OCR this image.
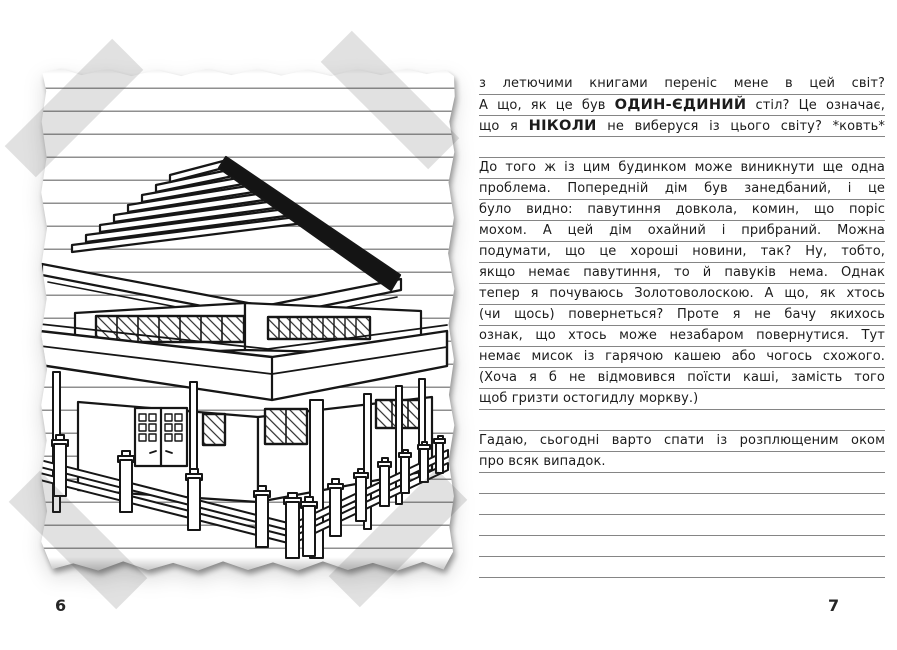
6
з летючими книгами переніс мене в цей світ?
А що, як це був ОДИН-ЄДИНИЙ стіл? Це означає,
що я НІКОЛИ не виберуся із цього світу? *ковть*
До того ж із цим будинком може виникнути ще одна
проблема. Попередній дім був занедбаний, і це
було видно: павутиння довкола, комин, що поріс
мохом. А цей дім охайний і прибраний. Можна
подумати, що це хороші новини, так? Ну, тобто,
якщо немає павутиння, то й павуків нема. Однак
тепер я почуваюсь Золотоволоскою. А що, як хтось
(чи щось) повернеться? Проте я не бачу якихось
ознак, що хтось може незабаром повернутися. Тут
немає мисок із гарячою кашею або чогось схожого.
(Хоча я б не відмовився поїсти каші, замість того
щоб гризти остогидлу моркву.)
Гадаю, сьогодні варто спати із розплющеним оком
про всяк випадок.
7
